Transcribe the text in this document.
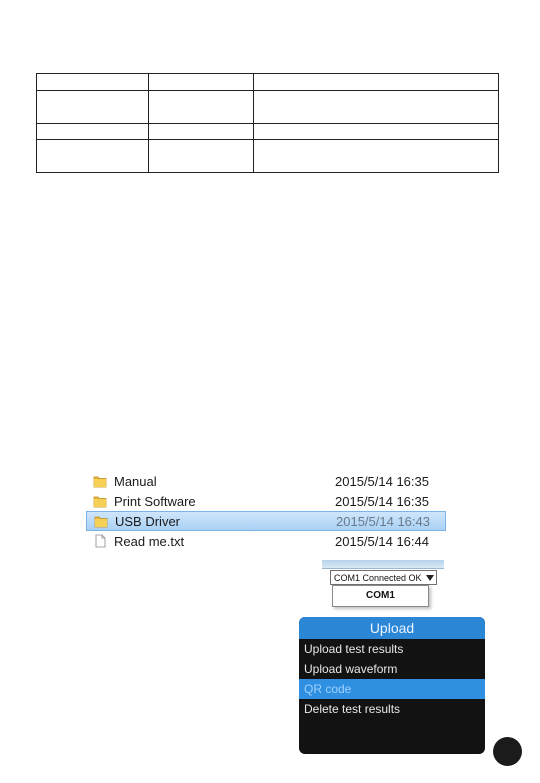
Manual	2015/5/14 16:35
Print Software	2015/5/14 16:35
USB Driver	2015/5/14 16:43
Read me.txt	2015/5/14 16:44
COM1 Connected OK
COM1
Upload
Upload test results
Upload waveform
QR code
Delete test results
